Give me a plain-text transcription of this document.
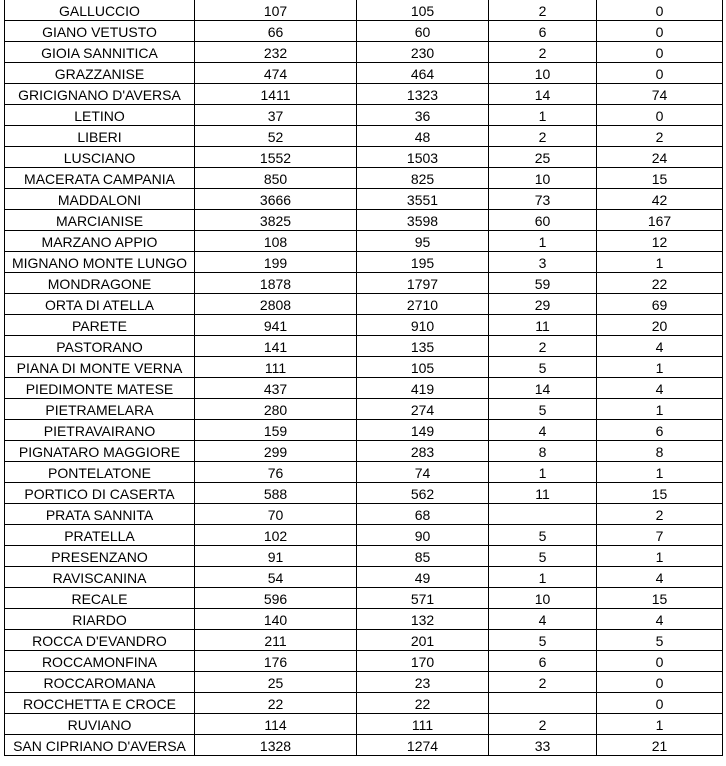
GALLUCCIO	107	105	2	0
GIANO VETUSTO	66	60	6	0
GIOIA SANNITICA	232	230	2	0
GRAZZANISE	474	464	10	0
GRICIGNANO D'AVERSA	1411	1323	14	74
LETINO	37	36	1	0
LIBERI	52	48	2	2
LUSCIANO	1552	1503	25	24
MACERATA CAMPANIA	850	825	10	15
MADDALONI	3666	3551	73	42
MARCIANISE	3825	3598	60	167
MARZANO APPIO	108	95	1	12
MIGNANO MONTE LUNGO	199	195	3	1
MONDRAGONE	1878	1797	59	22
ORTA DI ATELLA	2808	2710	29	69
PARETE	941	910	11	20
PASTORANO	141	135	2	4
PIANA DI MONTE VERNA	111	105	5	1
PIEDIMONTE MATESE	437	419	14	4
PIETRAMELARA	280	274	5	1
PIETRAVAIRANO	159	149	4	6
PIGNATARO MAGGIORE	299	283	8	8
PONTELATONE	76	74	1	1
PORTICO DI CASERTA	588	562	11	15
PRATA SANNITA	70	68		2
PRATELLA	102	90	5	7
PRESENZANO	91	85	5	1
RAVISCANINA	54	49	1	4
RECALE	596	571	10	15
RIARDO	140	132	4	4
ROCCA D'EVANDRO	211	201	5	5
ROCCAMONFINA	176	170	6	0
ROCCAROMANA	25	23	2	0
ROCCHETTA E CROCE	22	22		0
RUVIANO	114	111	2	1
SAN CIPRIANO D'AVERSA	1328	1274	33	21
